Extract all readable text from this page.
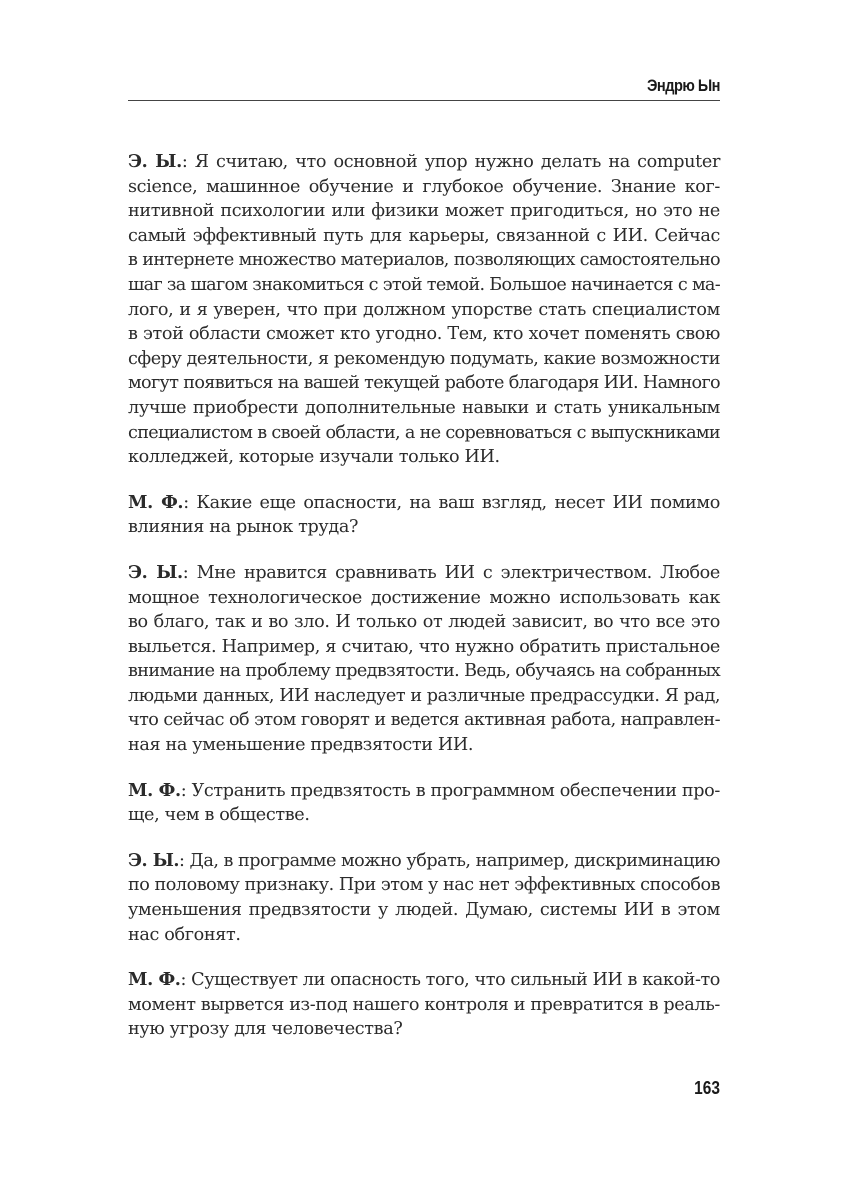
Эндрю Ын
Э. Ы.: Я считаю, что основной упор нужно делать на computer
science, машинное обучение и глубокое обучение. Знание ког-
нитивной психологии или физики может пригодиться, но это не
самый эффективный путь для карьеры, связанной с ИИ. Сейчас
в интернете множество материалов, позволяющих самостоятельно
шаг за шагом знакомиться с этой темой. Большое начинается с ма-
лого, и я уверен, что при должном упорстве стать специалистом
в этой области сможет кто угодно. Тем, кто хочет поменять свою
сферу деятельности, я рекомендую подумать, какие возможности
могут появиться на вашей текущей работе благодаря ИИ. Намного
лучше приобрести дополнительные навыки и стать уникальным
специалистом в своей области, а не соревноваться с выпускниками
колледжей, которые изучали только ИИ.
М. Ф.: Какие еще опасности, на ваш взгляд, несет ИИ помимо
влияния на рынок труда?
Э. Ы.: Мне нравится сравнивать ИИ с электричеством. Любое
мощное технологическое достижение можно использовать как
во благо, так и во зло. И только от людей зависит, во что все это
выльется. Например, я считаю, что нужно обратить пристальное
внимание на проблему предвзятости. Ведь, обучаясь на собранных
людьми данных, ИИ наследует и различные предрассудки. Я рад,
что сейчас об этом говорят и ведется активная работа, направлен-
ная на уменьшение предвзятости ИИ.
М. Ф.: Устранить предвзятость в программном обеспечении про-
ще, чем в обществе.
Э. Ы.: Да, в программе можно убрать, например, дискриминацию
по половому признаку. При этом у нас нет эффективных способов
уменьшения предвзятости у людей. Думаю, системы ИИ в этом
нас обгонят.
М. Ф.: Существует ли опасность того, что сильный ИИ в какой-то
момент вырвется из-под нашего контроля и превратится в реаль-
ную угрозу для человечества?
163
